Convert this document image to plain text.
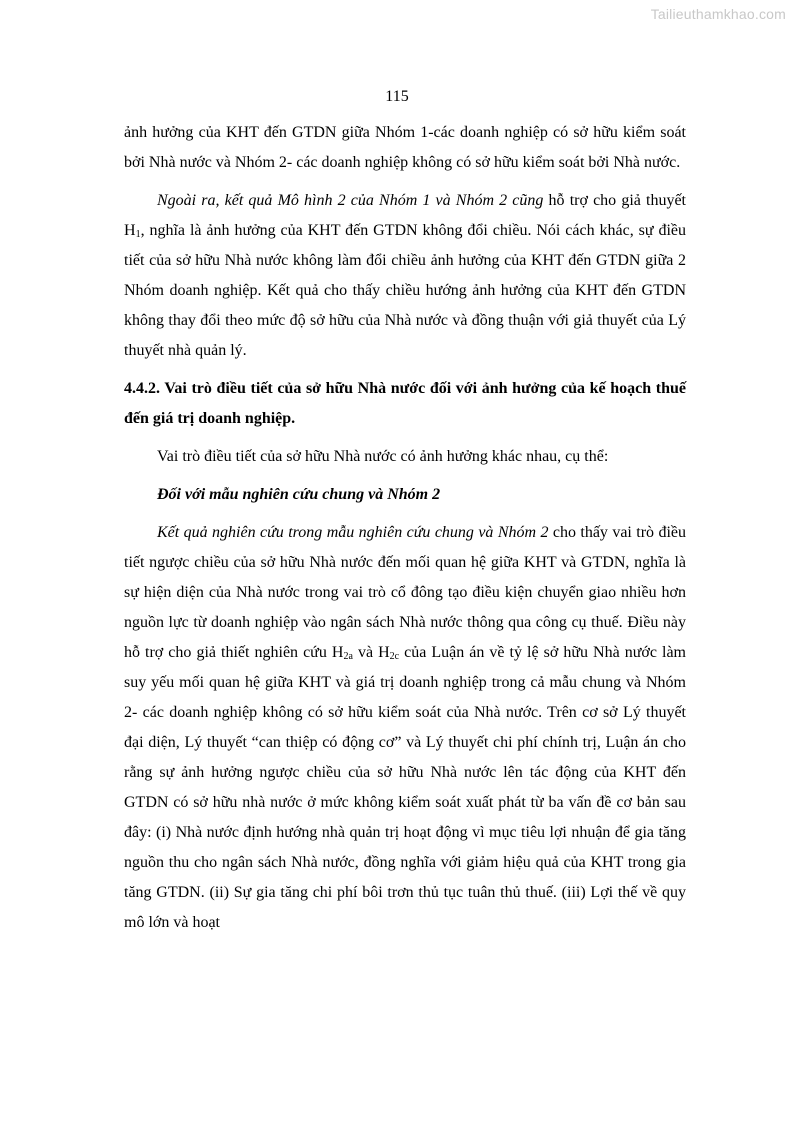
Tailieuthamkhao.com
115

ảnh hưởng của KHT đến GTDN giữa Nhóm 1-các doanh nghiệp có sở hữu kiểm soát bởi Nhà nước và Nhóm 2- các doanh nghiệp không có sở hữu kiểm soát bởi Nhà nước.

Ngoài ra, kết quả Mô hình 2 của Nhóm 1 và Nhóm 2 cũng hỗ trợ cho giả thuyết $H_1$, nghĩa là ảnh hưởng của KHT đến GTDN không đổi chiều. Nói cách khác, sự điều tiết của sở hữu Nhà nước không làm đổi chiều ảnh hưởng của KHT đến GTDN giữa 2 Nhóm doanh nghiệp. Kết quả cho thấy chiều hướng ảnh hưởng của KHT đến GTDN không thay đổi theo mức độ sở hữu của Nhà nước và đồng thuận với giả thuyết của Lý thuyết nhà quản lý.

4.4.2. Vai trò điều tiết của sở hữu Nhà nước đối với ảnh hưởng của kế hoạch thuế đến giá trị doanh nghiệp.

Vai trò điều tiết của sở hữu Nhà nước có ảnh hưởng khác nhau, cụ thể:

Đối với mẫu nghiên cứu chung và Nhóm 2

Kết quả nghiên cứu trong mẫu nghiên cứu chung và Nhóm 2 cho thấy vai trò điều tiết ngược chiều của sở hữu Nhà nước đến mối quan hệ giữa KHT và GTDN, nghĩa là sự hiện diện của Nhà nước trong vai trò cổ đông tạo điều kiện chuyển giao nhiều hơn nguồn lực từ doanh nghiệp vào ngân sách Nhà nước thông qua công cụ thuế. Điều này hỗ trợ cho giả thiết nghiên cứu $H_{2a}$ và $H_{2c}$ của Luận án về tỷ lệ sở hữu Nhà nước làm suy yếu mối quan hệ giữa KHT và giá trị doanh nghiệp trong cả mẫu chung và Nhóm 2- các doanh nghiệp không có sở hữu kiểm soát của Nhà nước. Trên cơ sở Lý thuyết đại diện, Lý thuyết “can thiệp có động cơ” và Lý thuyết chi phí chính trị, Luận án cho rằng sự ảnh hưởng ngược chiều của sở hữu Nhà nước lên tác động của KHT đến GTDN có sở hữu nhà nước ở mức không kiểm soát xuất phát từ ba vấn đề cơ bản sau đây: (i) Nhà nước định hướng nhà quản trị hoạt động vì mục tiêu lợi nhuận để gia tăng nguồn thu cho ngân sách Nhà nước, đồng nghĩa với giảm hiệu quả của KHT trong gia tăng GTDN. (ii) Sự gia tăng chi phí bôi trơn thủ tục tuân thủ thuế. (iii) Lợi thế về quy mô lớn và hoạt
